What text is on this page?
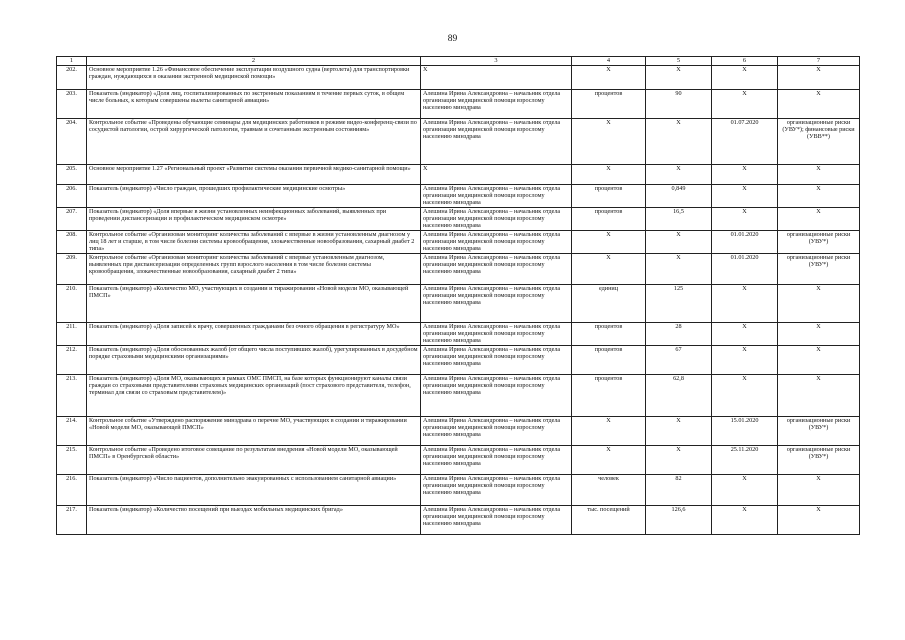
89
1	2	3	4	5	6	7
202.	Основное мероприятие 1.26 «Финансовое обеспечение эксплуатации воздушного судна (вертолета) для транспортировки граждан, нуждающихся в оказании экстренной медицинской помощи»	X	X	X	X	X
203.	Показатель (индикатор) «Доля лиц, госпитализированных по экстренным показаниям в течение первых суток, в общем числе больных, к которым совершены вылеты санитарной авиации»	Алешина Ирина Александровна – начальник отдела организации медицинской помощи взрослому населению минздрава	процентов	90	X	X
204.	Контрольное событие «Проведены обучающие семинары для медицинских работников в режиме видео-конференц-связи по сосудистой патологии, острой хирургической патологии, травмам и сочетанным экстренным состояниям»	Алешина Ирина Александровна – начальник отдела организации медицинской помощи взрослому населению минздрава	X	X	01.07.2020	организационные риски (УВУ*); финансовые риски (УВВ**)
205.	Основное мероприятие 1.27 «Региональный проект «Развитие системы оказания первичной медико-санитарной помощи»	X	X	X	X	X
206.	Показатель (индикатор) «Число граждан, прошедших профилактические медицинские осмотры»	Алешина Ирина Александровна – начальник отдела организации медицинской помощи взрослому населению минздрава	процентов	0,849	X	X
207.	Показатель (индикатор) «Доля впервые в жизни установленных неинфекционных заболеваний, выявленных при проведении диспансеризации и профилактическом медицинском осмотре»	Алешина Ирина Александровна – начальник отдела организации медицинской помощи взрослому населению минздрава	процентов	16,5	X	X
208.	Контрольное событие «Организован мониторинг количества заболеваний с впервые в жизни установленным диагнозом у лиц 18 лет и старше, в том числе болезни системы кровообращения, злокачественные новообразования, сахарный диабет 2 типа»	Алешина Ирина Александровна – начальник отдела организации медицинской помощи взрослому населению минздрава	X	X	01.01.2020	организационные риски (УВУ*)
209.	Контрольное событие «Организован мониторинг количества заболеваний с впервые установленным диагнозом, выявленных при диспансеризации определенных групп взрослого населения в том числе болезни системы кровообращения, злокачественные новообразования, сахарный диабет 2 типа»	Алешина Ирина Александровна – начальник отдела организации медицинской помощи взрослому населению минздрава	X	X	01.01.2020	организационные риски (УВУ*)
210.	Показатель (индикатор) «Количество МО, участвующих в создании и тиражировании «Новой модели МО, оказывающей ПМСП»	Алешина Ирина Александровна – начальник отдела организации медицинской помощи взрослому населению минздрава	единиц	125	X	X
211.	Показатель (индикатор) «Доля записей к врачу, совершенных гражданами без очного обращения в регистратуру МО»	Алешина Ирина Александровна – начальник отдела организации медицинской помощи взрослому населению минздрава	процентов	28	X	X
212.	Показатель (индикатор) «Доля обоснованных жалоб (от общего числа поступивших жалоб), урегулированных в досудебном порядке страховыми медицинскими организациями»	Алешина Ирина Александровна – начальник отдела организации медицинской помощи взрослому населению минздрава	процентов	67	X	X
213.	Показатель (индикатор) «Доля МО, оказывающих в рамках ОМС ПМСП, на базе которых функционируют каналы связи граждан со страховыми представителями страховых медицинских организаций (пост страхового представителя, телефон, терминал для связи со страховым представителем)»	Алешина Ирина Александровна – начальник отдела организации медицинской помощи взрослому населению минздрава	процентов	62,8	X	X
214.	Контрольное событие «Утверждено распоряжение минздрава о перечне МО, участвующих в создании и тиражировании «Новой модели МО, оказывающей ПМСП»	Алешина Ирина Александровна – начальник отдела организации медицинской помощи взрослому населению минздрава	X	X	15.01.2020	организационные риски (УВУ*)
215.	Контрольное событие «Проведено итоговое совещание по результатам внедрения «Новой модели МО, оказывающей ПМСП» в Оренбургской области»	Алешина Ирина Александровна – начальник отдела организации медицинской помощи взрослому населению минздрава	X	X	25.11.2020	организационные риски (УВУ*)
216.	Показатель (индикатор) «Число пациентов, дополнительно эвакуированных с использованием санитарной авиации»	Алешина Ирина Александровна – начальник отдела организации медицинской помощи взрослому населению минздрава	человек	82	X	X
217.	Показатель (индикатор) «Количество посещений при выездах мобильных медицинских бригад»	Алешина Ирина Александровна – начальник отдела организации медицинской помощи взрослому населению минздрава	тыс. посещений	126,6	X	X
